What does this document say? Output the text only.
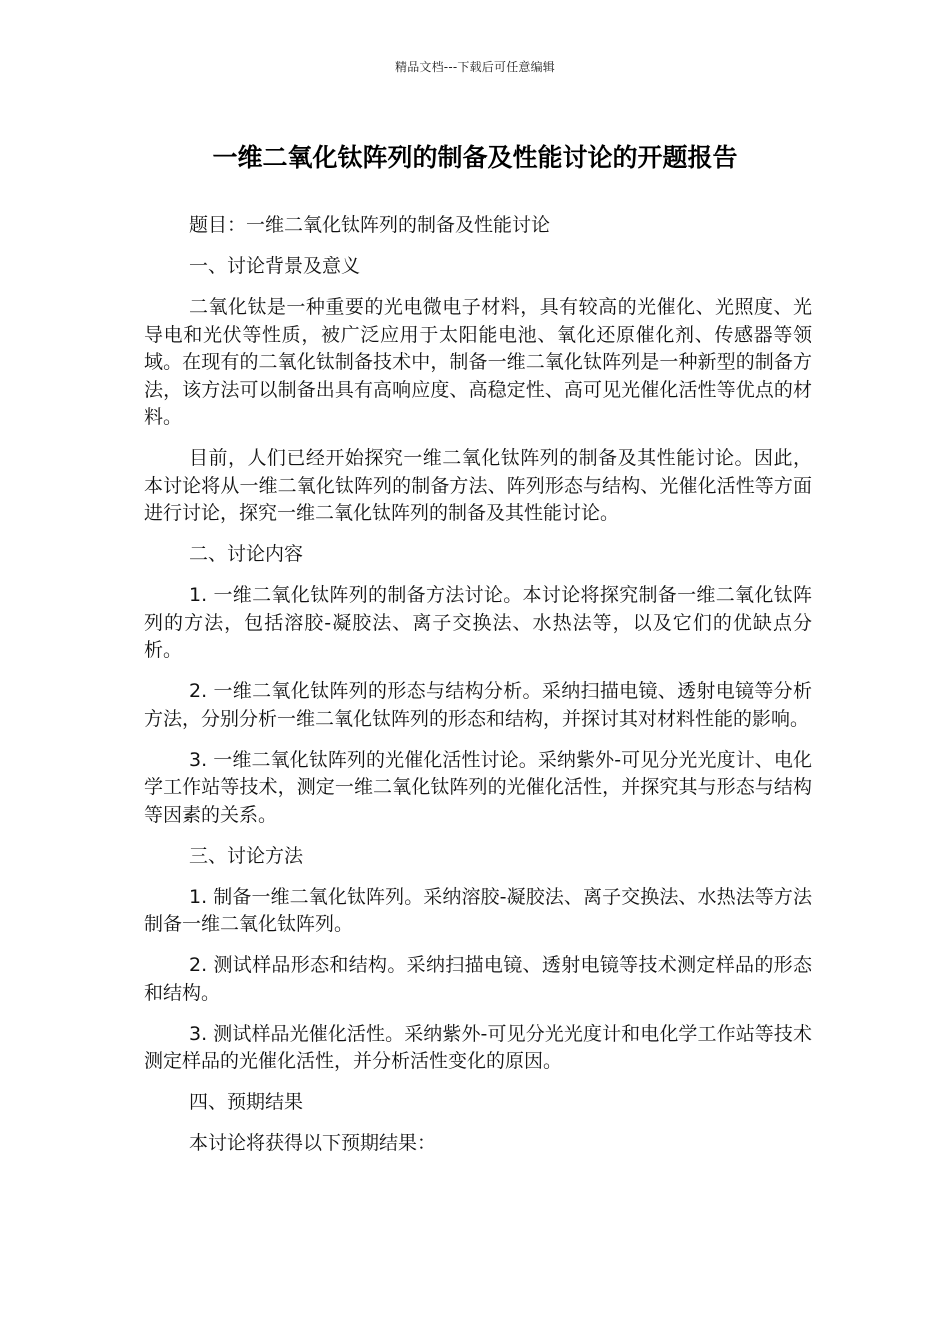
精品文档---下载后可任意编辑
一维二氧化钛阵列的制备及性能讨论的开题报告

题目：一维二氧化钛阵列的制备及性能讨论

一、讨论背景及意义

二氧化钛是一种重要的光电微电子材料，具有较高的光催化、光照度、光导电和光伏等性质，被广泛应用于太阳能电池、氧化还原催化剂、传感器等领域。在现有的二氧化钛制备技术中，制备一维二氧化钛阵列是一种新型的制备方法，该方法可以制备出具有高响应度、高稳定性、高可见光催化活性等优点的材料。

目前，人们已经开始探究一维二氧化钛阵列的制备及其性能讨论。因此，本讨论将从一维二氧化钛阵列的制备方法、阵列形态与结构、光催化活性等方面进行讨论，探究一维二氧化钛阵列的制备及其性能讨论。

二、讨论内容

1. 一维二氧化钛阵列的制备方法讨论。本讨论将探究制备一维二氧化钛阵列的方法，包括溶胶-凝胶法、离子交换法、水热法等，以及它们的优缺点分析。

2. 一维二氧化钛阵列的形态与结构分析。采纳扫描电镜、透射电镜等分析方法，分别分析一维二氧化钛阵列的形态和结构，并探讨其对材料性能的影响。

3. 一维二氧化钛阵列的光催化活性讨论。采纳紫外-可见分光光度计、电化学工作站等技术，测定一维二氧化钛阵列的光催化活性，并探究其与形态与结构等因素的关系。

三、讨论方法

1. 制备一维二氧化钛阵列。采纳溶胶-凝胶法、离子交换法、水热法等方法制备一维二氧化钛阵列。

2. 测试样品形态和结构。采纳扫描电镜、透射电镜等技术测定样品的形态和结构。

3. 测试样品光催化活性。采纳紫外-可见分光光度计和电化学工作站等技术测定样品的光催化活性，并分析活性变化的原因。

四、预期结果

本讨论将获得以下预期结果：
